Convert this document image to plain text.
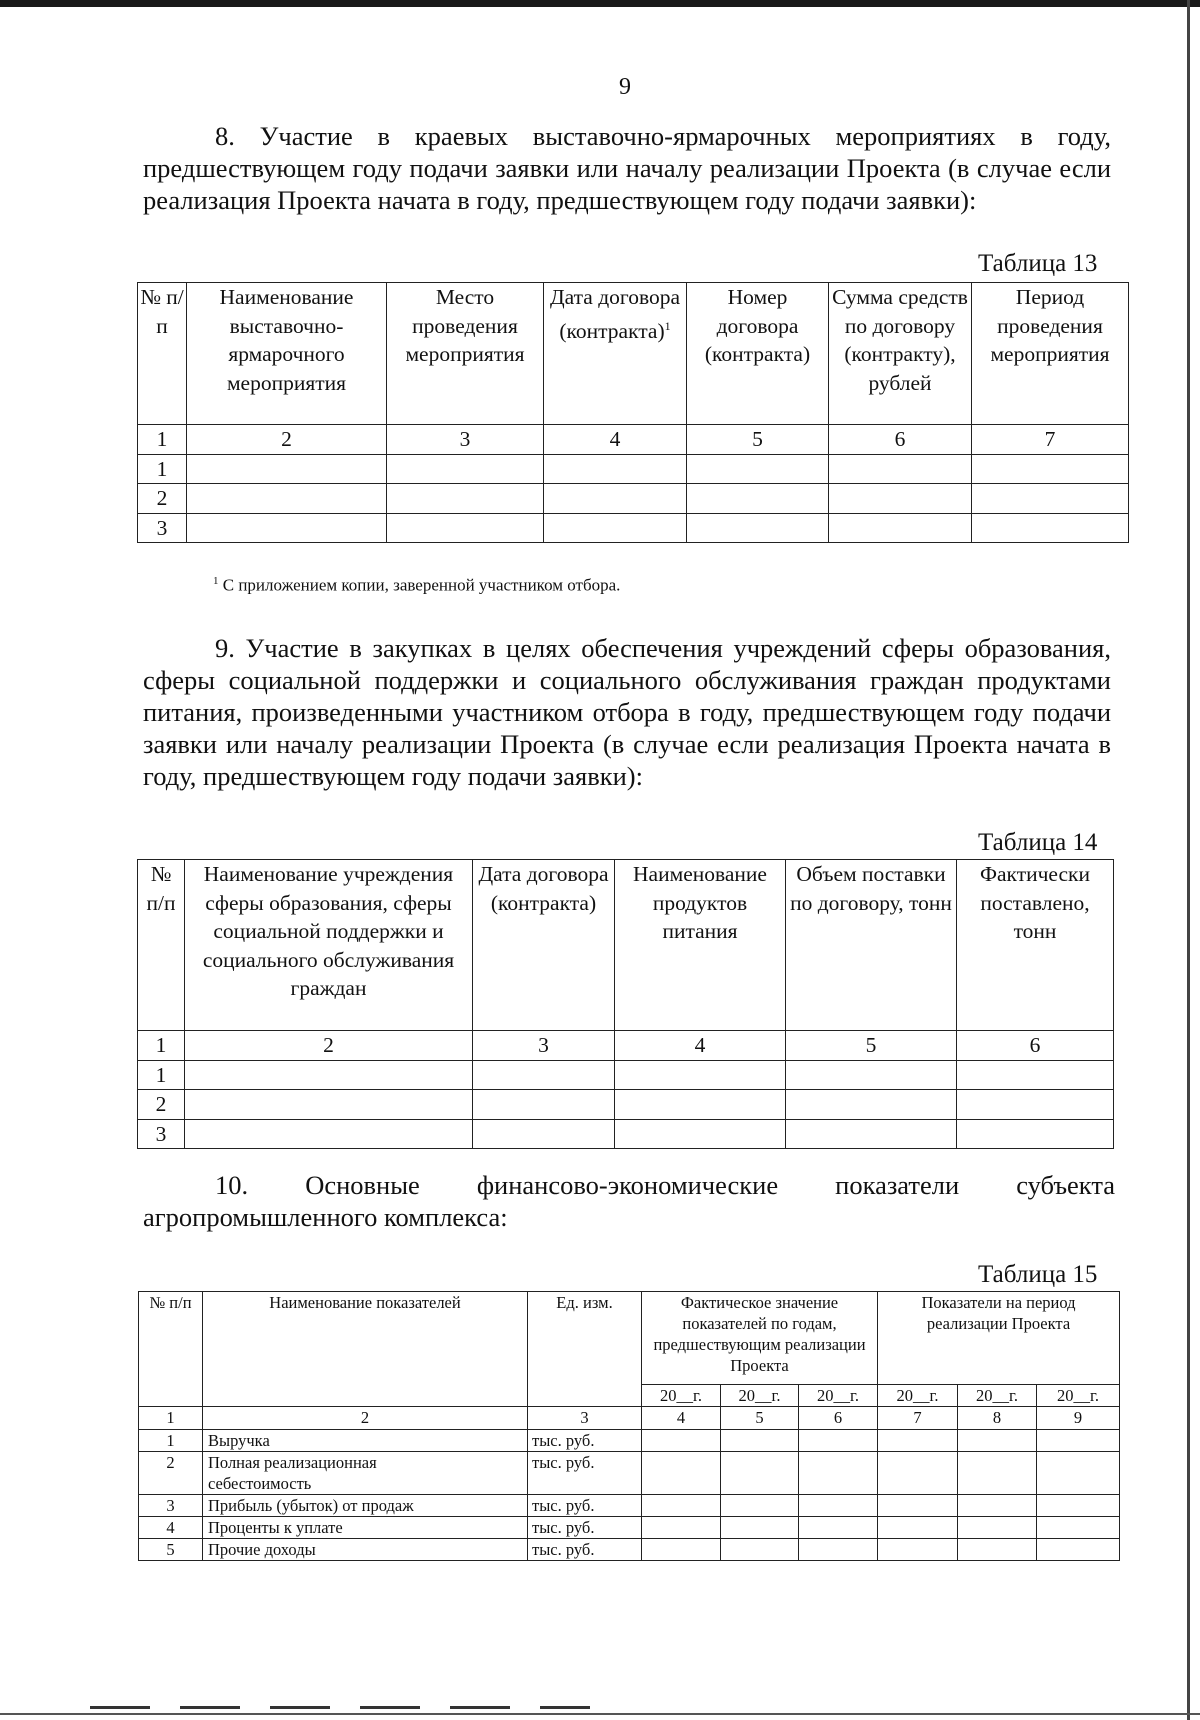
9

8. Участие в краевых выставочно-ярмарочных мероприятиях в году, предшествующем году подачи заявки или началу реализации Проекта (в случае если реализация Проекта начата в году, предшествующем году подачи заявки):

Таблица 13
№ п/п	Наименование выставочно-ярмарочного мероприятия	Место проведения мероприятия	Дата договора (контракта)$^1$	Номер договора (контракта)	Сумма средств по договору (контракту), рублей	Период проведения мероприятия
1	2	3	4	5	6	7
1						
2						
3						
$^1$ С приложением копии, заверенной участником отбора.

9. Участие в закупках в целях обеспечения учреждений сферы образования, сферы социальной поддержки и социального обслуживания граждан продуктами питания, произведенными участником отбора в году, предшествующем году подачи заявки или началу реализации Проекта (в случае если реализация Проекта начата в году, предшествующем году подачи заявки):

Таблица 14
№ п/п	Наименование учреждения сферы образования, сферы социальной поддержки и социального обслуживания граждан	Дата договора (контракта)	Наименование продуктов питания	Объем поставки по договору, тонн	Фактически поставлено, тонн
1	2	3	4	5	6
1					
2					
3					

10. Основные финансово-экономические показатели субъекта агропромышленного комплекса:

Таблица 15
№ п/п	Наименование показателей	Ед. изм.	Фактическое значение показателей по годам, предшествующим реализации Проекта			Показатели на период реализации Проекта		
			20__г.	20__г.	20__г.	20__г.	20__г.	20__г.
1	2	3	4	5	6	7	8	9
1	Выручка	тыс. руб.						
2	Полная реализационная себестоимость	тыс. руб.						
3	Прибыль (убыток) от продаж	тыс. руб.						
4	Проценты к уплате	тыс. руб.						
5	Прочие доходы	тыс. руб.						
